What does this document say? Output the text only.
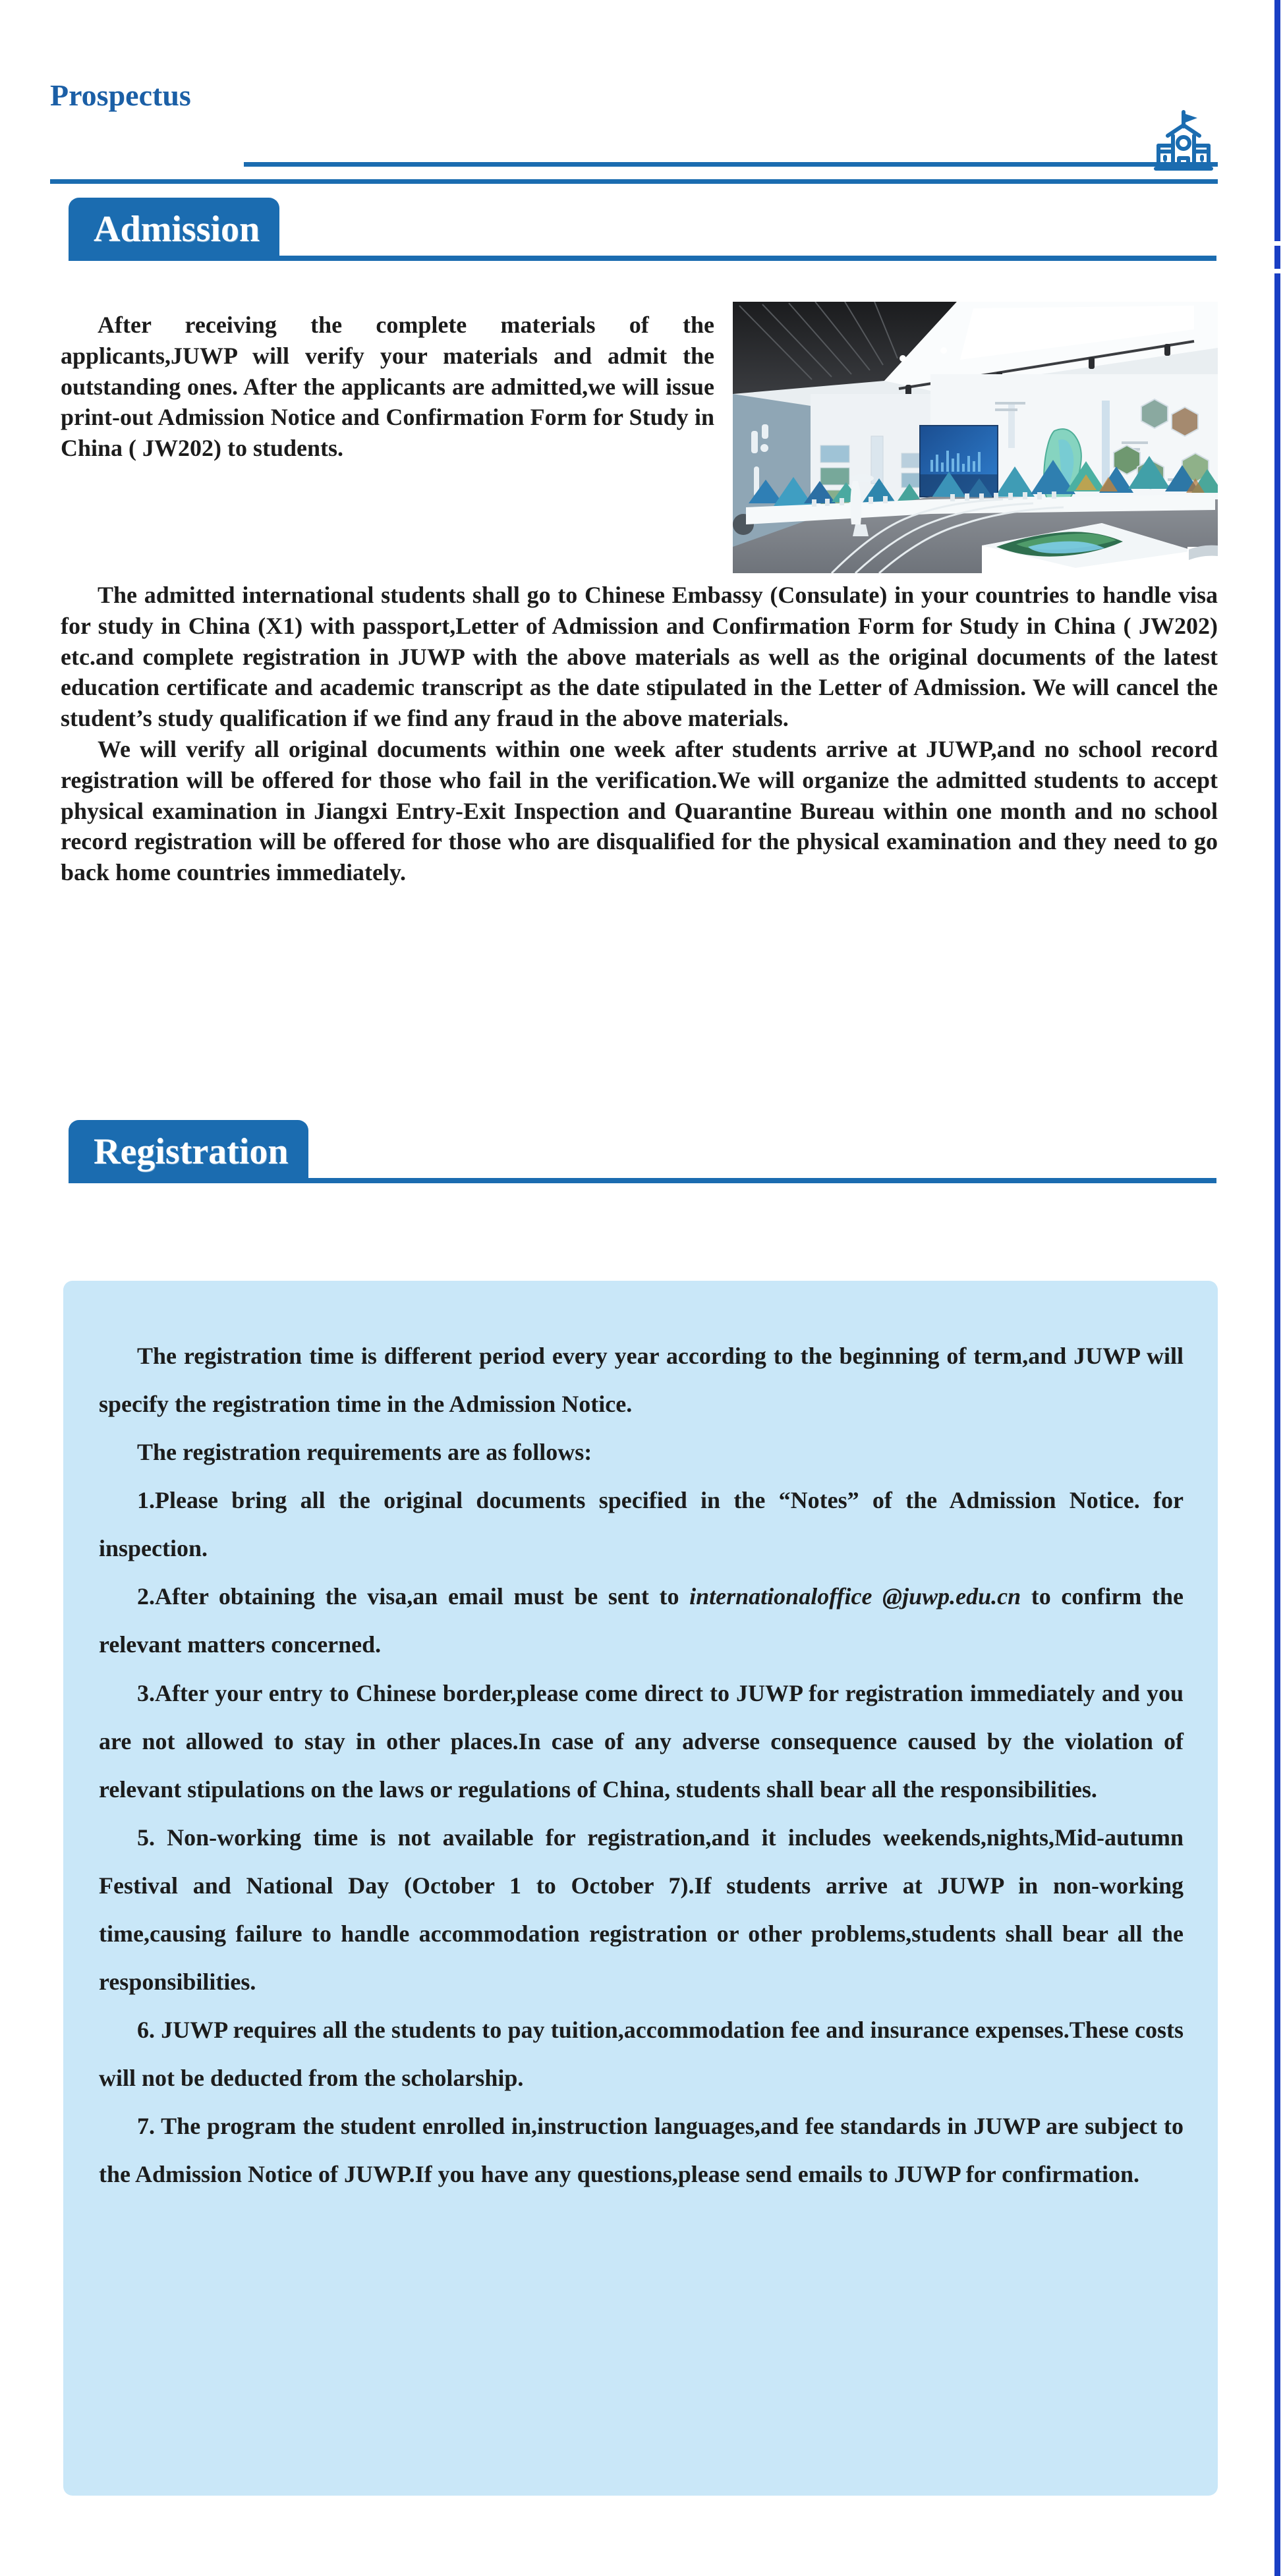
Prospectus
Admission

After receiving the complete materials of the applicants,JUWP will verify your materials and admit the outstanding ones. After the applicants are admitted,we will issue print-out Admission Notice and Confirmation Form for Study in China ( JW202) to students.

The admitted international students shall go to Chinese Embassy (Consulate) in your countries to handle visa for study in China (X1) with passport,Letter of Admission and Confirmation Form for Study in China ( JW202) etc.and complete registration in JUWP with the above materials as well as the original documents of the latest education certificate and academic transcript as the date stipulated in the Letter of Admission. We will cancel the student’s study qualification if we find any fraud in the above materials.

We will verify all original documents within one week after students arrive at JUWP,and no school record registration will be offered for those who fail in the verification.We will organize the admitted students to accept physical examination in Jiangxi Entry-Exit Inspection and Quarantine Bureau within one month and no school record registration will be offered for those who are disqualified for the physical examination and they need to go back home countries immediately.

Registration

The registration time is different period every year according to the beginning of term,and JUWP will specify the registration time in the Admission Notice.

The registration requirements are as follows:

1.Please bring all the original documents specified in the “Notes” of the Admission Notice. for inspection.

2.After obtaining the visa,an email must be sent to internationaloffice @juwp.edu.cn to confirm the relevant matters concerned.

3.After your entry to Chinese border,please come direct to JUWP for registration immediately and you are not allowed to stay in other places.In case of any adverse consequence caused by the violation of relevant stipulations on the laws or regulations of China, students shall bear all the responsibilities.

5. Non-working time is not available for registration,and it includes weekends,nights,Mid-autumn Festival and National Day (October 1 to October 7).If students arrive at JUWP in non-working time,causing failure to handle accommodation registration or other problems,students shall bear all the responsibilities.

6. JUWP requires all the students to pay tuition,accommodation fee and insurance expenses.These costs will not be deducted from the scholarship.

7. The program the student enrolled in,instruction languages,and fee standards in JUWP are subject to the Admission Notice of JUWP.If you have any questions,please send emails to JUWP for confirmation.
